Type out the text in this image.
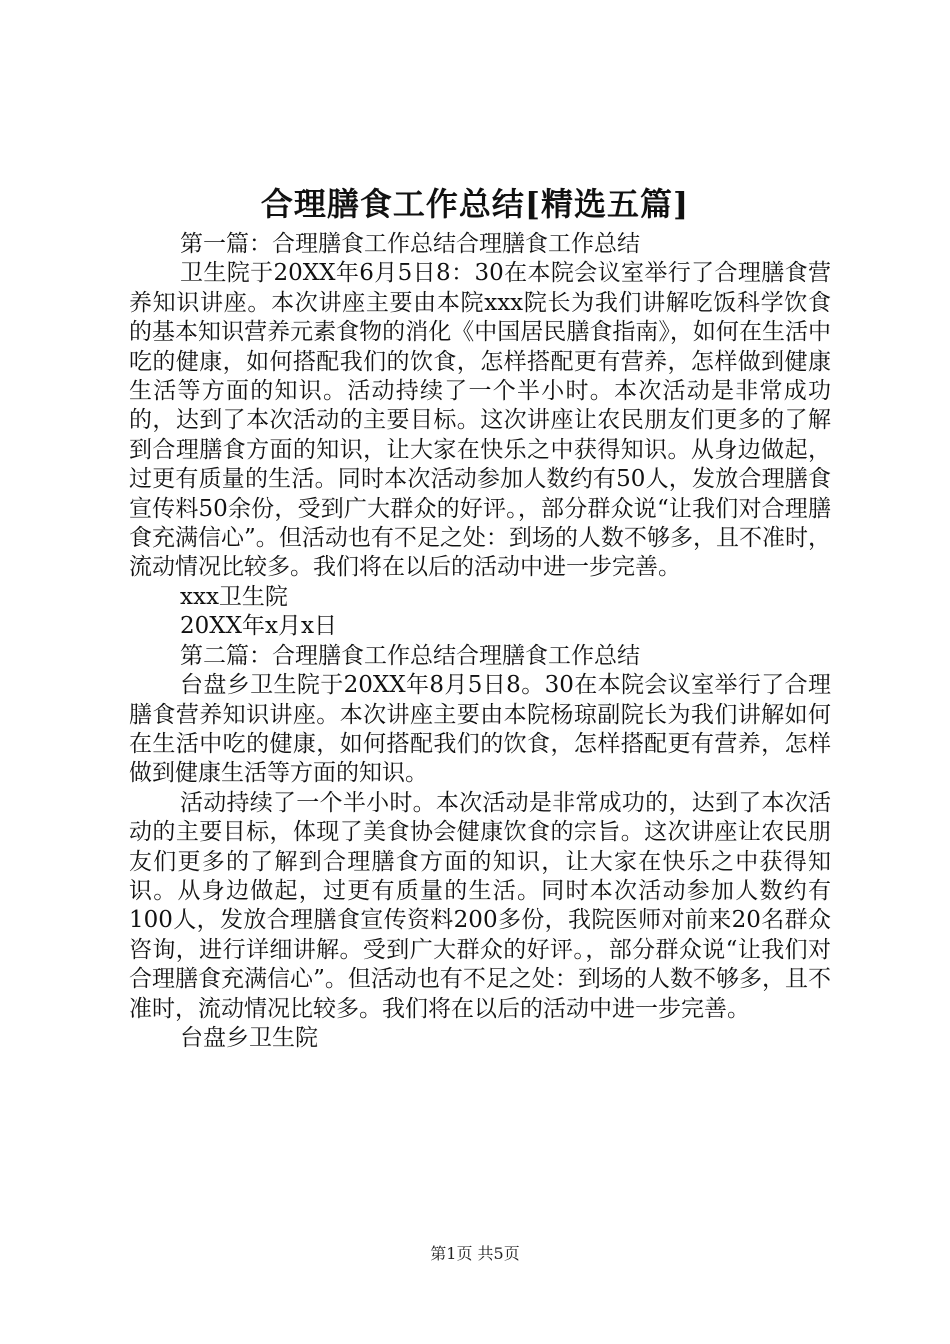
合理膳食工作总结[精选五篇]

第一篇：合理膳食工作总结合理膳食工作总结

卫生院于20XX年6月5日8：30在本院会议室举行了合理膳食营养知识讲座。本次讲座主要由本院xxx院长为我们讲解吃饭科学饮食的基本知识营养元素食物的消化《中国居民膳食指南》，如何在生活中吃的健康，如何搭配我们的饮食，怎样搭配更有营养，怎样做到健康生活等方面的知识。活动持续了一个半小时。本次活动是非常成功的，达到了本次活动的主要目标。这次讲座让农民朋友们更多的了解到合理膳食方面的知识，让大家在快乐之中获得知识。从身边做起，过更有质量的生活。同时本次活动参加人数约有50人，发放合理膳食宣传料50余份，受到广大群众的好评。，部分群众说“让我们对合理膳食充满信心”。但活动也有不足之处：到场的人数不够多，且不准时，流动情况比较多。我们将在以后的活动中进一步完善。

xxx卫生院

20XX年x月x日

第二篇：合理膳食工作总结合理膳食工作总结

台盘乡卫生院于20XX年8月5日8。30在本院会议室举行了合理膳食营养知识讲座。本次讲座主要由本院杨琼副院长为我们讲解如何在生活中吃的健康，如何搭配我们的饮食，怎样搭配更有营养，怎样做到健康生活等方面的知识。

活动持续了一个半小时。本次活动是非常成功的，达到了本次活动的主要目标，体现了美食协会健康饮食的宗旨。这次讲座让农民朋友们更多的了解到合理膳食方面的知识，让大家在快乐之中获得知识。从身边做起，过更有质量的生活。同时本次活动参加人数约有100人，发放合理膳食宣传资料200多份，我院医师对前来20名群众咨询，进行详细讲解。受到广大群众的好评。，部分群众说“让我们对合理膳食充满信心”。但活动也有不足之处：到场的人数不够多，且不准时，流动情况比较多。我们将在以后的活动中进一步完善。

台盘乡卫生院

第1页 共5页
